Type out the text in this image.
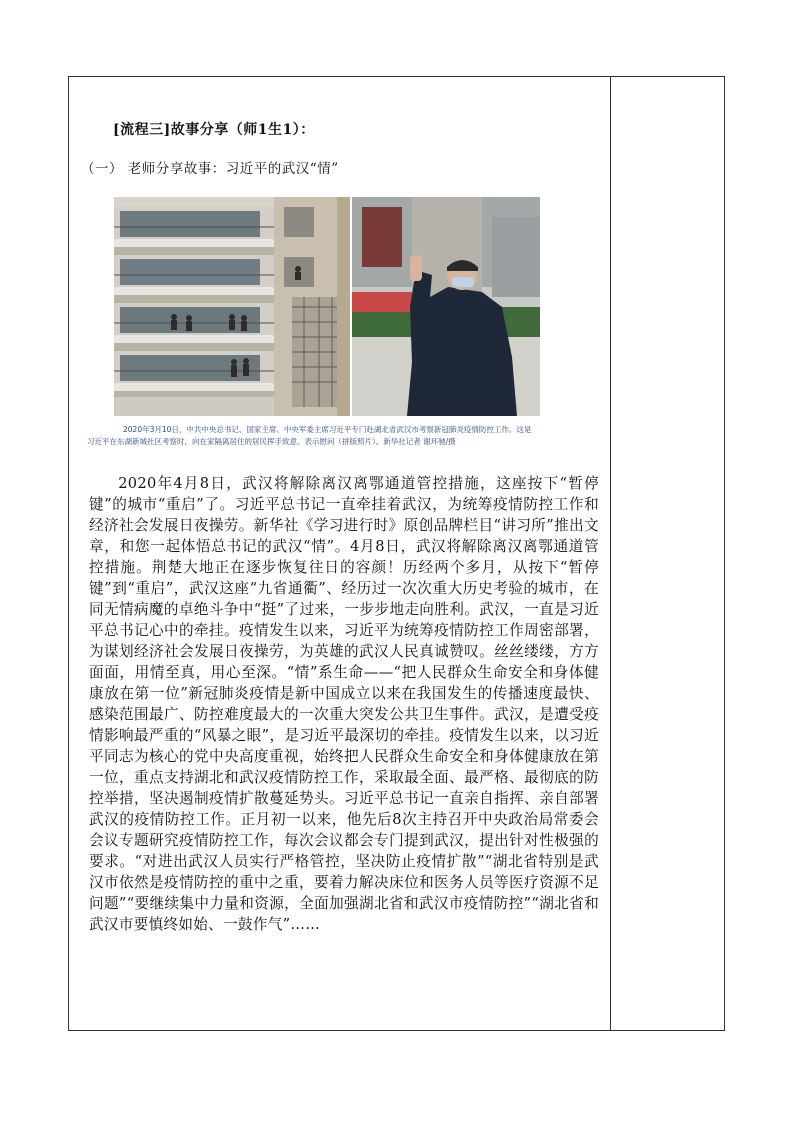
[流程三]故事分享（师1生1）：
（一） 老师分享故事：习近平的武汉“情”

2020年3月10日，中共中央总书记、国家主席、中央军委主席习近平专门赴湖北省武汉市考察新冠肺炎疫情防控工作。这是

习近平在东湖新城社区考察时，向在家隔离居住的居民挥手致意、表示慰问（拼版照片）。新华社记者 谢环驰/摄

2020年4月8日，武汉将解除离汉离鄂通道管控措施，这座按下“暂停键”的城市“重启”了。习近平总书记一直牵挂着武汉，为统筹疫情防控工作和经济社会发展日夜操劳。新华社《学习进行时》原创品牌栏目“讲习所”推出文章，和您一起体悟总书记的武汉“情”。4月8日，武汉将解除离汉离鄂通道管控措施。荆楚大地正在逐步恢复往日的容颜！历经两个多月，从按下“暂停键”到“重启”，武汉这座“九省通衢”、经历过一次次重大历史考验的城市，在同无情病魔的卓绝斗争中“挺”了过来，一步步地走向胜利。武汉，一直是习近平总书记心中的牵挂。疫情发生以来，习近平为统筹疫情防控工作周密部署，为谋划经济社会发展日夜操劳，为英雄的武汉人民真诚赞叹。丝丝缕缕，方方面面，用情至真，用心至深。“情”系生命——“把人民群众生命安全和身体健康放在第一位”新冠肺炎疫情是新中国成立以来在我国发生的传播速度最快、感染范围最广、防控难度最大的一次重大突发公共卫生事件。武汉，是遭受疫情影响最严重的“风暴之眼”，是习近平最深切的牵挂。疫情发生以来，以习近平同志为核心的党中央高度重视，始终把人民群众生命安全和身体健康放在第一位，重点支持湖北和武汉疫情防控工作，采取最全面、最严格、最彻底的防控举措，坚决遏制疫情扩散蔓延势头。习近平总书记一直亲自指挥、亲自部署武汉的疫情防控工作。正月初一以来，他先后8次主持召开中央政治局常委会会议专题研究疫情防控工作，每次会议都会专门提到武汉，提出针对性极强的要求。“对进出武汉人员实行严格管控，坚决防止疫情扩散”“湖北省特别是武汉市依然是疫情防控的重中之重，要着力解决床位和医务人员等医疗资源不足问题”“要继续集中力量和资源，全面加强湖北省和武汉市疫情防控”“湖北省和武汉市要慎终如始、一鼓作气”……
